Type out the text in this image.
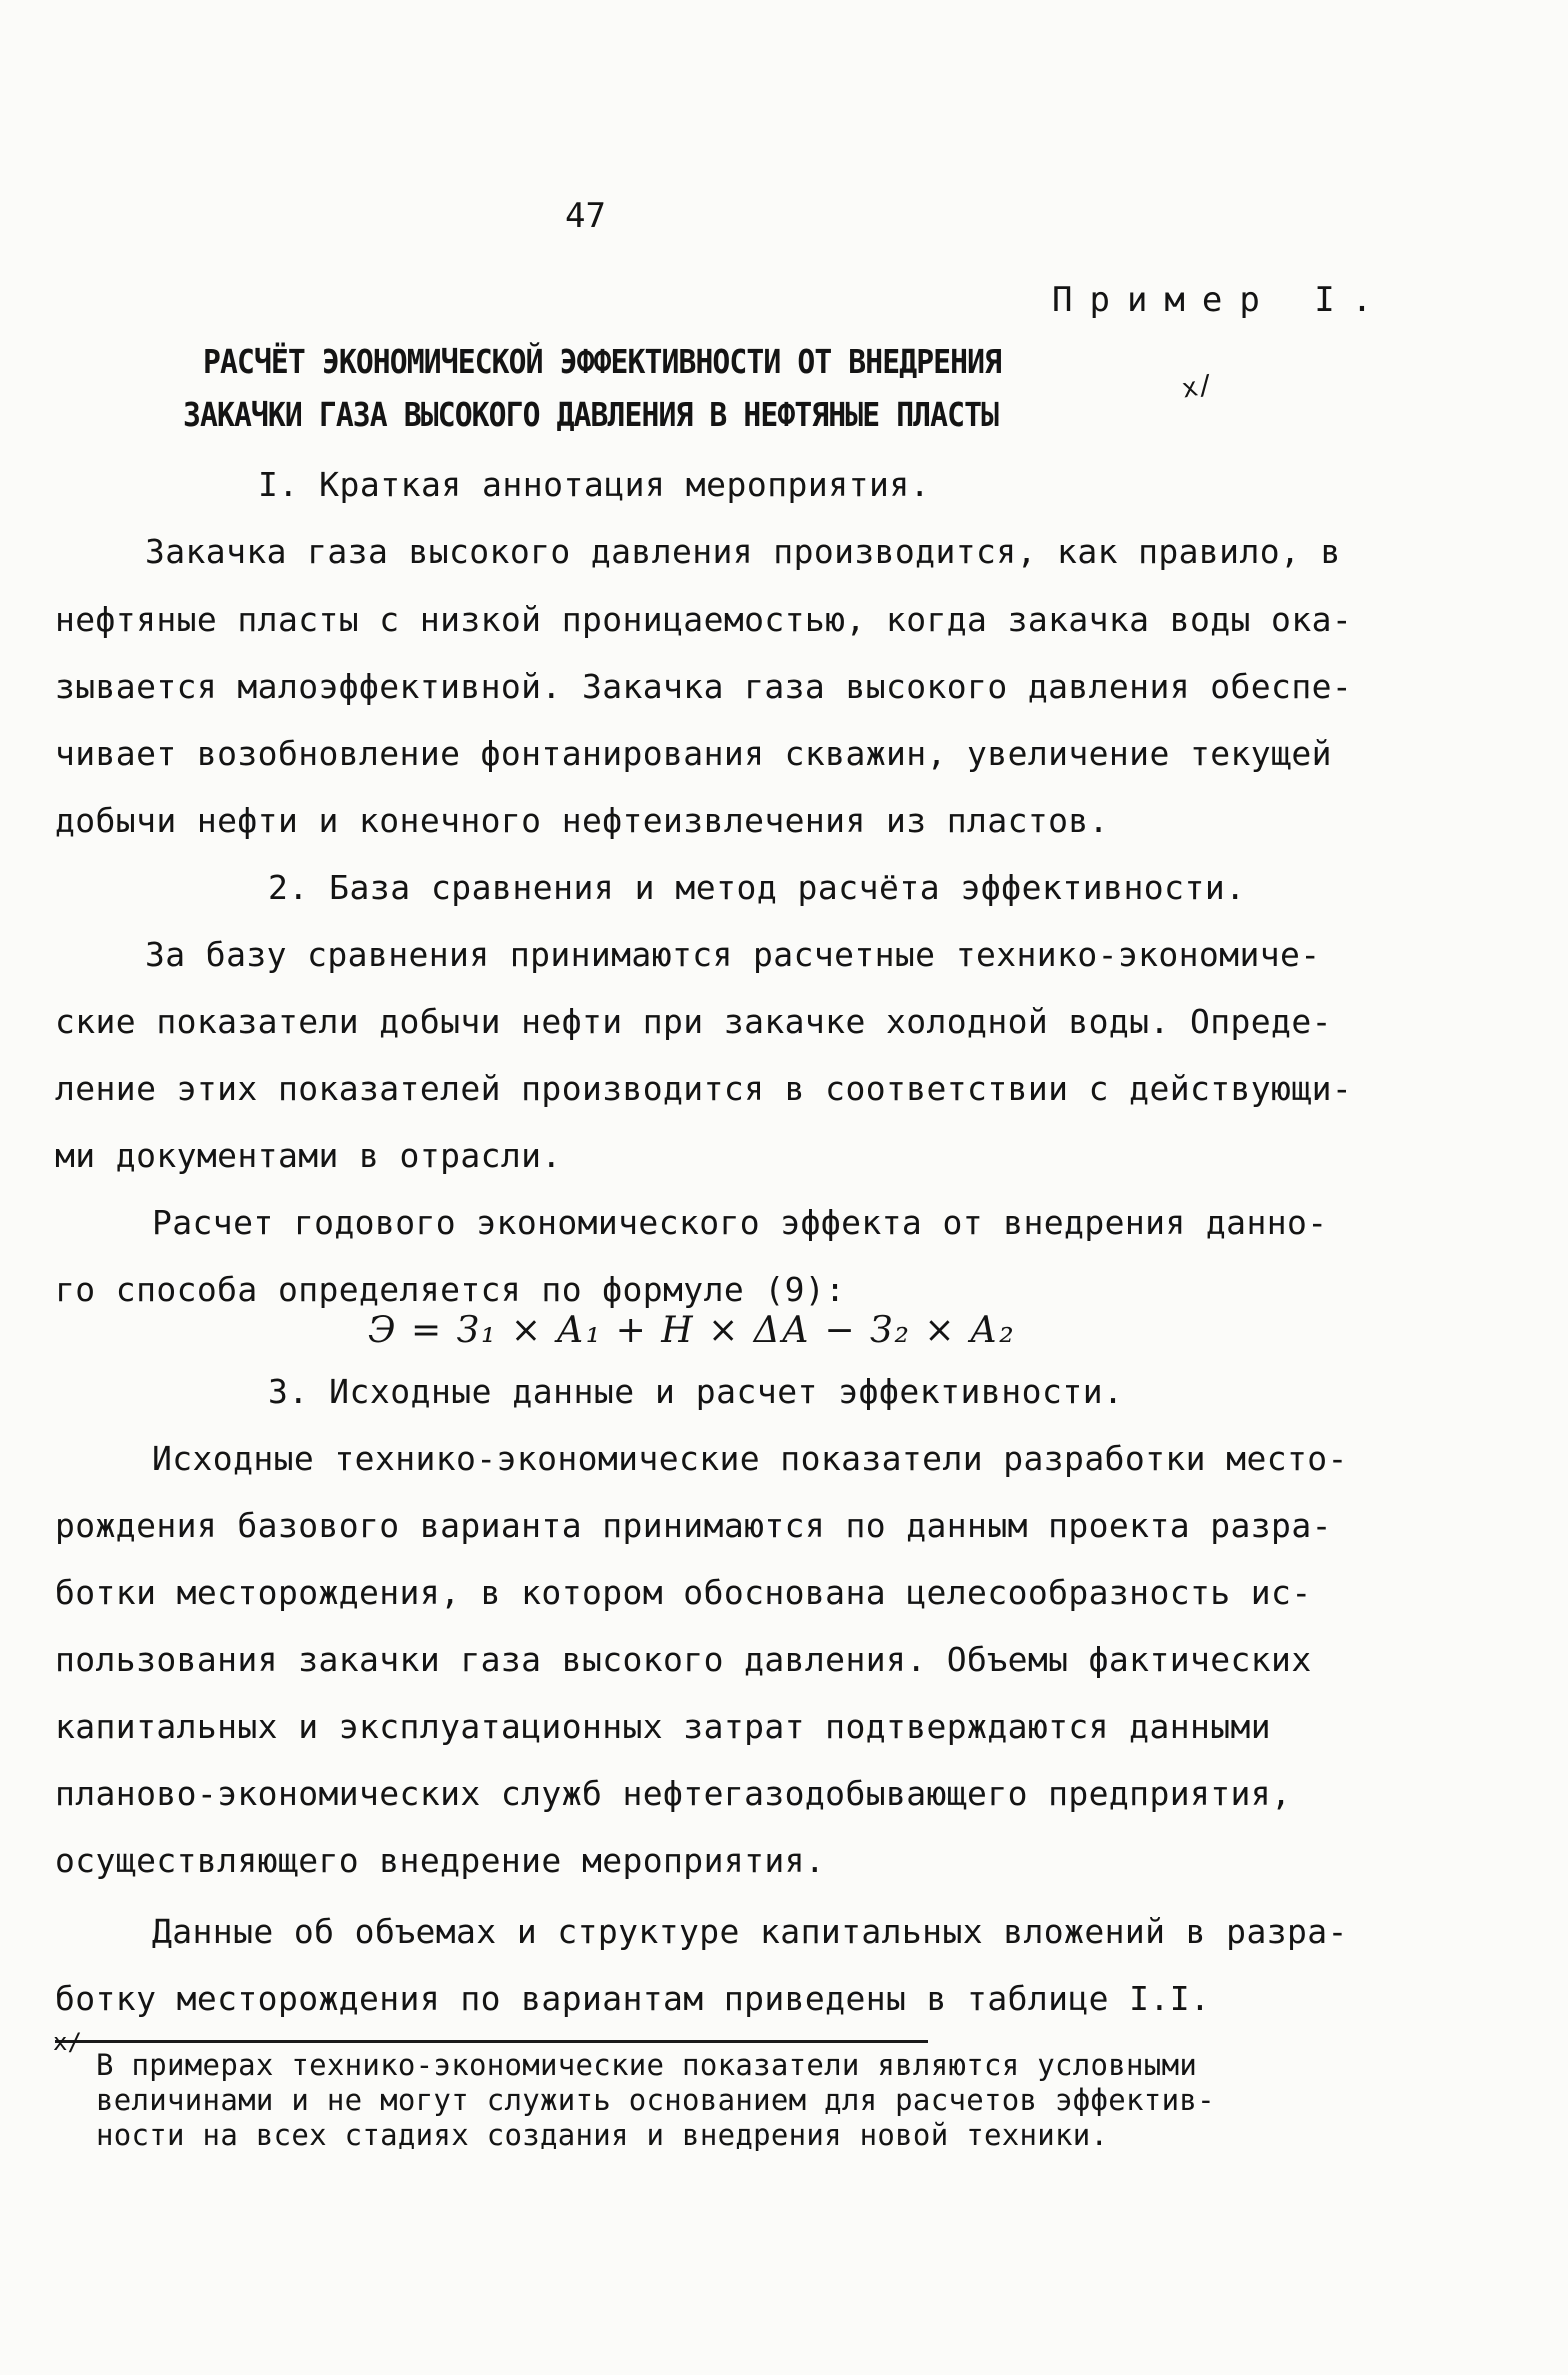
47
Пример I.
РАСЧЁТ ЭКОНОМИЧЕСКОЙ ЭФФЕКТИВНОСТИ ОТ ВНЕДРЕНИЯ
ЗАКАЧКИ ГАЗА ВЫСОКОГО ДАВЛЕНИЯ В НЕФТЯНЫЕ ПЛАСТЫ
х/
I. Краткая аннотация мероприятия.
Закачка газа высокого давления производится, как правило, в
нефтяные пласты с низкой проницаемостью, когда закачка воды ока-
зывается малоэффективной. Закачка газа высокого давления обеспе-
чивает возобновление фонтанирования скважин, увеличение текущей
добычи нефти и конечного нефтеизвлечения из пластов.
2. База сравнения и метод расчёта эффективности.
За базу сравнения принимаются расчетные технико-экономиче-
ские показатели добычи нефти при закачке холодной воды. Опреде-
ление этих показателей производится в соответствии с действующи-
ми документами в отрасли.
Расчет годового экономического эффекта от внедрения данно-
го способа определяется по формуле (9):
Э = З₁ × А₁ + Н × ΔА − З₂ × А₂
3. Исходные данные и расчет эффективности.
Исходные технико-экономические показатели разработки место-
рождения базового варианта принимаются по данным проекта разра-
ботки месторождения, в котором обоснована целесообразность ис-
пользования закачки газа высокого давления. Объемы фактических
капитальных и эксплуатационных затрат подтверждаются данными
планово-экономических служб нефтегазодобывающего предприятия,
осуществляющего внедрение мероприятия.
Данные об объемах и структуре капитальных вложений в разра-
ботку месторождения по вариантам приведены в таблице I.I.
х/
В примерах технико-экономические показатели являются условными
величинами и не могут служить основанием для расчетов эффектив-
ности на всех стадиях создания и внедрения новой техники.
